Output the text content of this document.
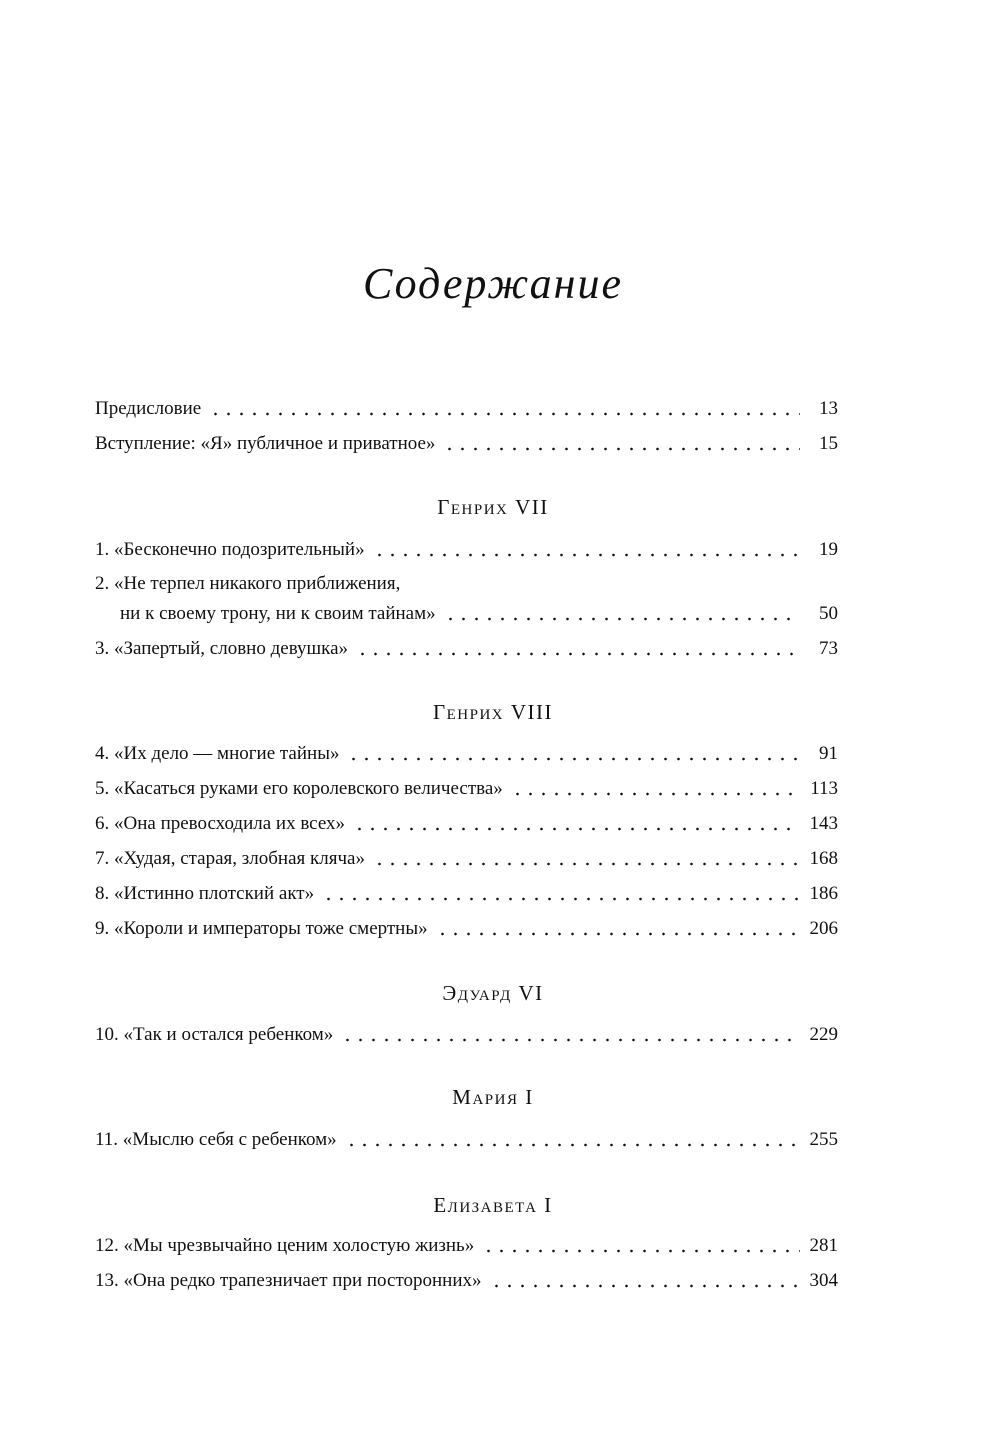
Содержание
Предисловие	13
Вступление: «Я» публичное и приватное»	15
Генрих VII
1. «Бесконечно подозрительный»	19
2. «Не терпел никакого приближения,
ни к своему трону, ни к своим тайнам»	50
3. «Запертый, словно девушка»	73
Генрих VIII
4. «Их дело — многие тайны»	91
5. «Касаться руками его королевского величества»	113
6. «Она превосходила их всех»	143
7. «Худая, старая, злобная кляча»	168
8. «Истинно плотский акт»	186
9. «Короли и императоры тоже смертны»	206
Эдуард VI
10. «Так и остался ребенком»	229
Мария I
11. «Мыслю себя с ребенком»	255
Елизавета I
12. «Мы чрезвычайно ценим холостую жизнь»	281
13. «Она редко трапезничает при посторонних»	304
